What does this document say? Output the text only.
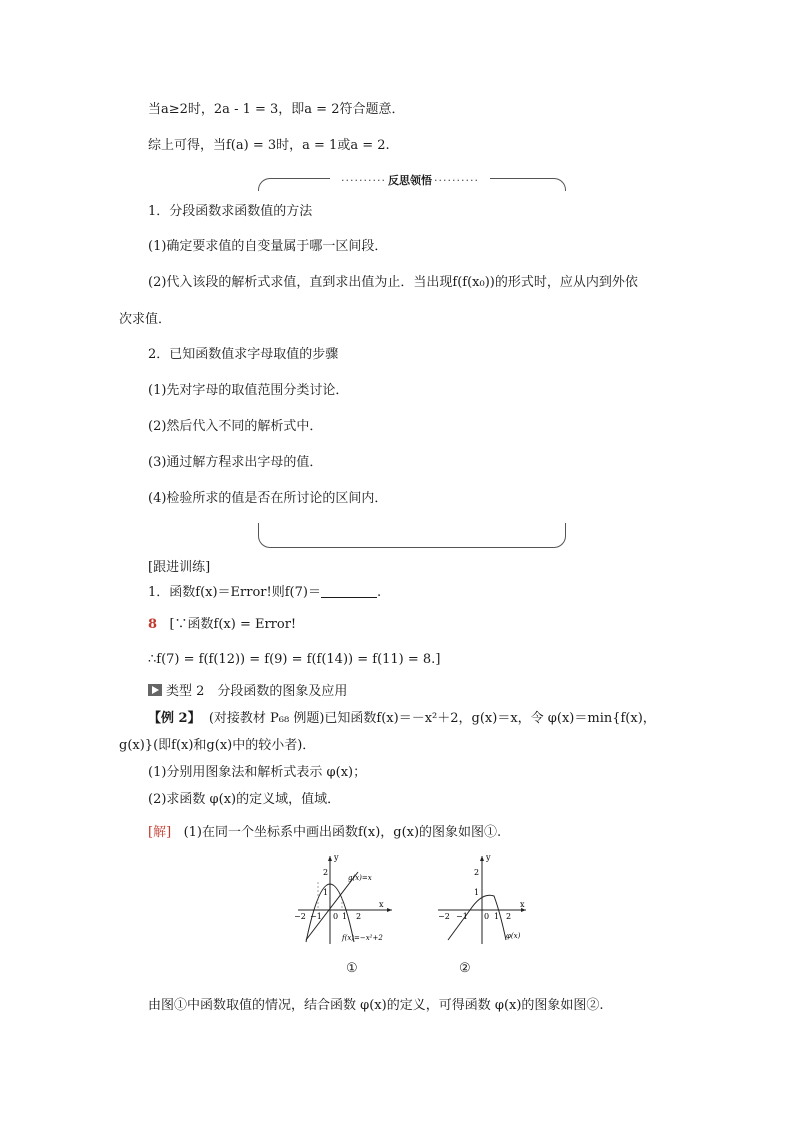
当a≥2时，2a - 1 = 3，即a = 2符合题意．
综上可得，当f(a) = 3时，a = 1或a = 2.
·········· 反思领悟 ··········
1．分段函数求函数值的方法
(1)确定要求值的自变量属于哪一区间段．
(2)代入该段的解析式求值，直到求出值为止．当出现f(f(x₀))的形式时，应从内到外依
次求值．
2．已知函数值求字母取值的步骤
(1)先对字母的取值范围分类讨论．
(2)然后代入不同的解析式中．
(3)通过解方程求出字母的值．
(4)检验所求的值是否在所讨论的区间内．
[跟进训练]
1．函数f(x)＝Error!则f(7)＝	.
8 [∵函数f(x) = Error!
∴f(7) = f(f(12)) = f(9) = f(f(14)) = f(11) = 8.]
类型 2　分段函数的图象及应用
【例 2】 (对接教材 P₆₈ 例题)已知函数f(x)＝－x²＋2，g(x)＝x，令 φ(x)＝min{f(x)，
g(x)}(即f(x)和g(x)中的较小者)．
(1)分别用图象法和解析式表示 φ(x)；
(2)求函数 φ(x)的定义域，值域．
[解] (1)在同一个坐标系中画出函数f(x)，g(x)的图象如图①.
y
x
−2 −1 0 1 2
2
1
g(x)=x
f(x)=−x²+2
y
x
−2 −1 0 1 2
2
1
φ(x)
①	②
由图①中函数取值的情况，结合函数 φ(x)的定义，可得函数 φ(x)的图象如图②.
